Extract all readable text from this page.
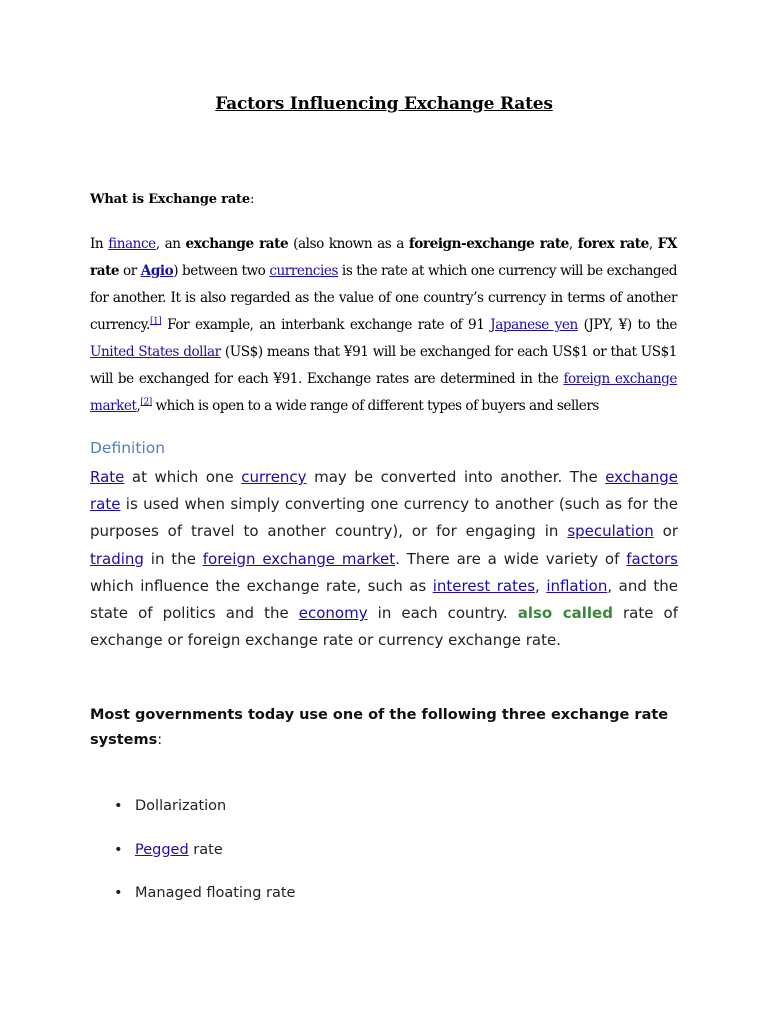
Factors Influencing Exchange Rates
What is Exchange rate:
In finance, an exchange rate (also known as a foreign-exchange rate, forex rate, FX rate or Agio) between two currencies is the rate at which one currency will be exchanged for another. It is also regarded as the value of one country’s currency in terms of another currency.[1] For example, an interbank exchange rate of 91 Japanese yen (JPY, ¥) to the United States dollar (US$) means that ¥91 will be exchanged for each US$1 or that US$1 will be exchanged for each ¥91. Exchange rates are determined in the foreign exchange market,[2] which is open to a wide range of different types of buyers and sellers
Definition
Rate at which one currency may be converted into another. The exchange rate is used when simply converting one currency to another (such as for the purposes of travel to another country), or for engaging in speculation or trading in the foreign exchange market. There are a wide variety of factors which influence the exchange rate, such as interest rates, inflation, and the state of politics and the economy in each country. also called rate of exchange or foreign exchange rate or currency exchange rate.
Most governments today use one of the following three exchange rate systems:
• Dollarization
• Pegged rate
• Managed floating rate
